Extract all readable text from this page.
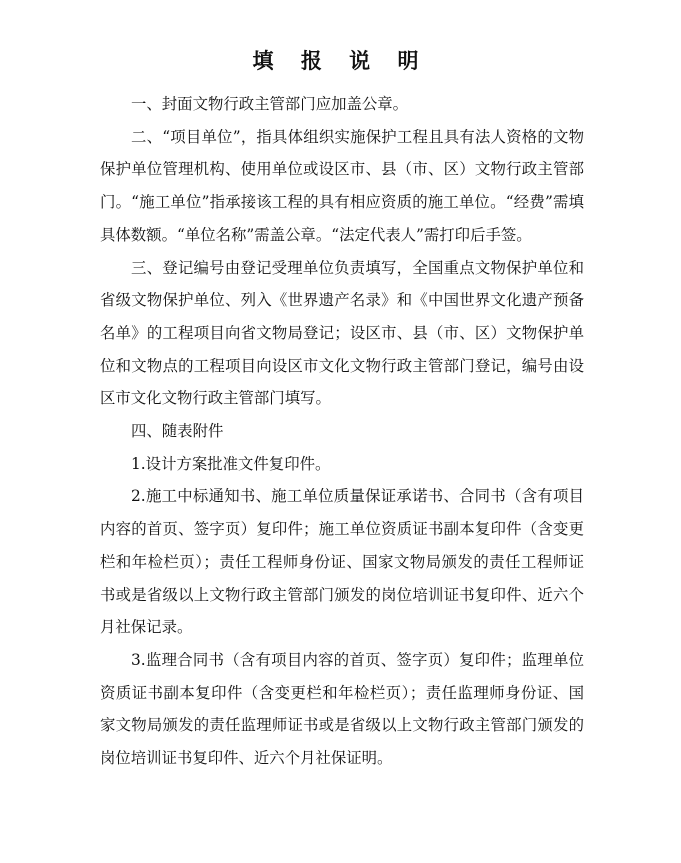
填 报 说 明

一、封面文物行政主管部门应加盖公章。

二、“项目单位”，指具体组织实施保护工程且具有法人资格的文物保护单位管理机构、使用单位或设区市、县（市、区）文物行政主管部门。“施工单位”指承接该工程的具有相应资质的施工单位。“经费”需填具体数额。“单位名称”需盖公章。“法定代表人”需打印后手签。

三、登记编号由登记受理单位负责填写，全国重点文物保护单位和省级文物保护单位、列入《世界遗产名录》和《中国世界文化遗产预备名单》的工程项目向省文物局登记；设区市、县（市、区）文物保护单位和文物点的工程项目向设区市文化文物行政主管部门登记，编号由设区市文化文物行政主管部门填写。

四、随表附件

1.设计方案批准文件复印件。

2.施工中标通知书、施工单位质量保证承诺书、合同书（含有项目内容的首页、签字页）复印件；施工单位资质证书副本复印件（含变更栏和年检栏页）；责任工程师身份证、国家文物局颁发的责任工程师证书或是省级以上文物行政主管部门颁发的岗位培训证书复印件、近六个月社保记录。

3.监理合同书（含有项目内容的首页、签字页）复印件；监理单位资质证书副本复印件（含变更栏和年检栏页）；责任监理师身份证、国家文物局颁发的责任监理师证书或是省级以上文物行政主管部门颁发的岗位培训证书复印件、近六个月社保证明。
